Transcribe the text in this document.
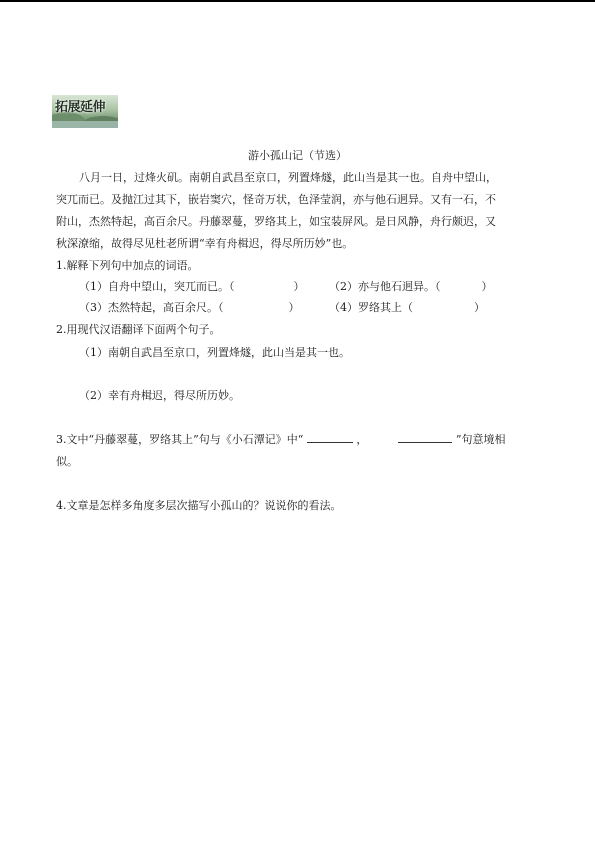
拓展延伸
游小孤山记（节选）
八月一日，过烽火矶。南朝自武昌至京口，列置烽燧，此山当是其一也。自舟中望山，
突兀而已。及抛江过其下，嵌岩窦穴，怪奇万状，色泽莹润，亦与他石迥异。又有一石，不
附山，杰然特起，高百余尺。丹藤翠蔓，罗络其上，如宝装屏风。是日风静，舟行颇迟，又
秋深潦缩，故得尽见杜老所谓“幸有舟楫迟，得尽所历妙”也。
1.解释下列句中加点的词语。
（1）自舟中望山，突兀而已。（	） （2）亦与他石迥异。（	）
（3）杰然特起，高百余尺。（	）	（4）罗络其上（	）
2.用现代汉语翻译下面两个句子。
（1）南朝自武昌至京口，列置烽燧，此山当是其一也。
（2）幸有舟楫迟，得尽所历妙。
3.文中“丹藤翠蔓，罗络其上”句与《小石潭记》中“	，	”句意境相
似。
4.文章是怎样多角度多层次描写小孤山的？说说你的看法。
